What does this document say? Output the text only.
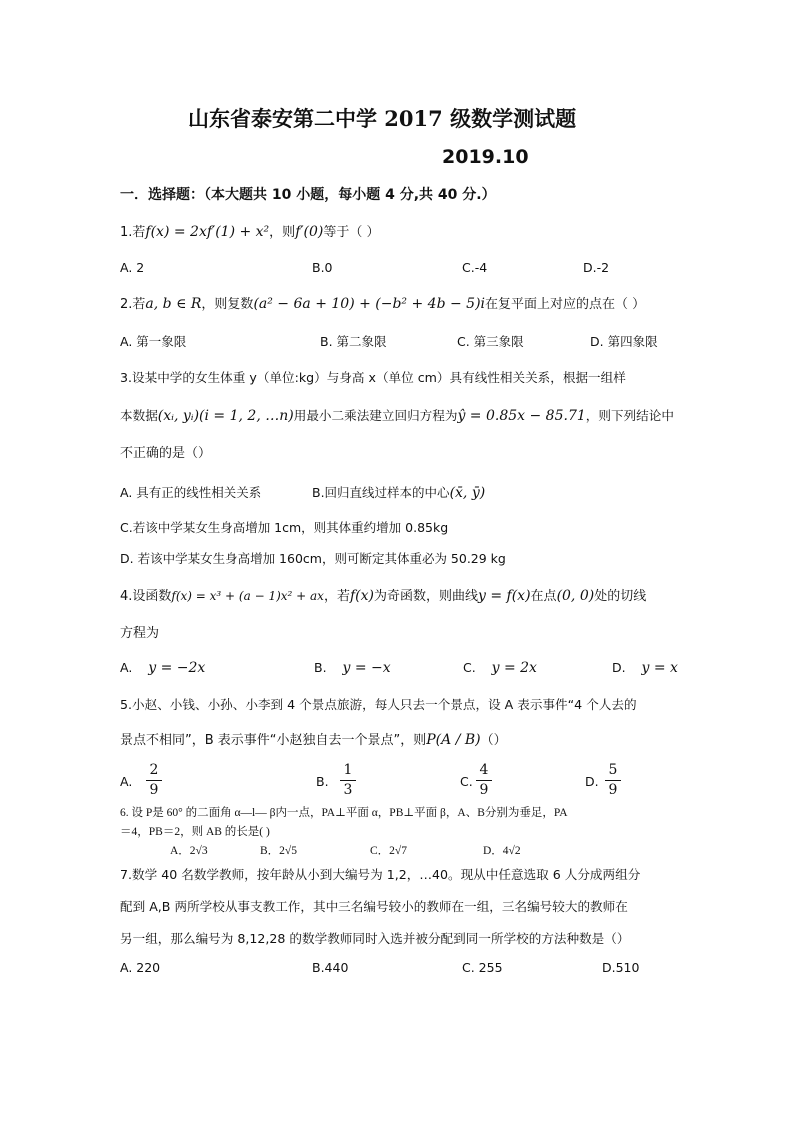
山东省泰安第二中学 2017 级数学测试题
2019.10
一．选择题：（本大题共 10 小题，每小题 4 分,共 40 分.）
1.若f(x) = 2xf′(1) + x²，则f′(0)等于（ ）
A. 2	B.0	C.-4	D.-2
2.若a, b ∈ R，则复数(a² − 6a + 10) + (−b² + 4b − 5)i在复平面上对应的点在（ ）
A. 第一象限	B. 第二象限	C. 第三象限	D. 第四象限
3.设某中学的女生体重 y（单位:kg）与身高 x（单位 cm）具有线性相关关系，根据一组样
本数据(xᵢ, yᵢ)(i = 1, 2, …n)用最小二乘法建立回归方程为ŷ = 0.85x − 85.71，则下列结论中
不正确的是（）
A. 具有正的线性相关关系	B.回归直线过样本的中心(x̄, ȳ)
C.若该中学某女生身高增加 1cm，则其体重约增加 0.85kg
D. 若该中学某女生身高增加 160cm，则可断定其体重必为 50.29 kg
4.设函数f(x) = x³ + (a − 1)x² + ax，若f(x)为奇函数，则曲线y = f(x)在点(0, 0)处的切线
方程为
A. y = −2x	B. y = −x	C. y = 2x	D. y = x
5.小赵、小钱、小孙、小李到 4 个景点旅游，每人只去一个景点，设 A 表示事件“4 个人去的
景点不相同”，B 表示事件“小赵独自去一个景点”，则P(A / B)（）
A.
2
9
B.
1
3
C.
4
9
D.
5
9
6. 设 P是 60° 的二面角 α—l— β内一点，PA⊥平面 α，PB⊥平面 β，A、B分别为垂足，PA
＝4，PB＝2，则 AB 的长是( )
A．2√3	B．2√5	C．2√7	D．4√2
7.数学 40 名数学教师，按年龄从小到大编号为 1,2，…40。现从中任意选取 6 人分成两组分
配到 A,B 两所学校从事支教工作，其中三名编号较小的教师在一组，三名编号较大的教师在
另一组，那么编号为 8,12,28 的数学教师同时入选并被分配到同一所学校的方法种数是（）
A. 220	B.440	C. 255	D.510
